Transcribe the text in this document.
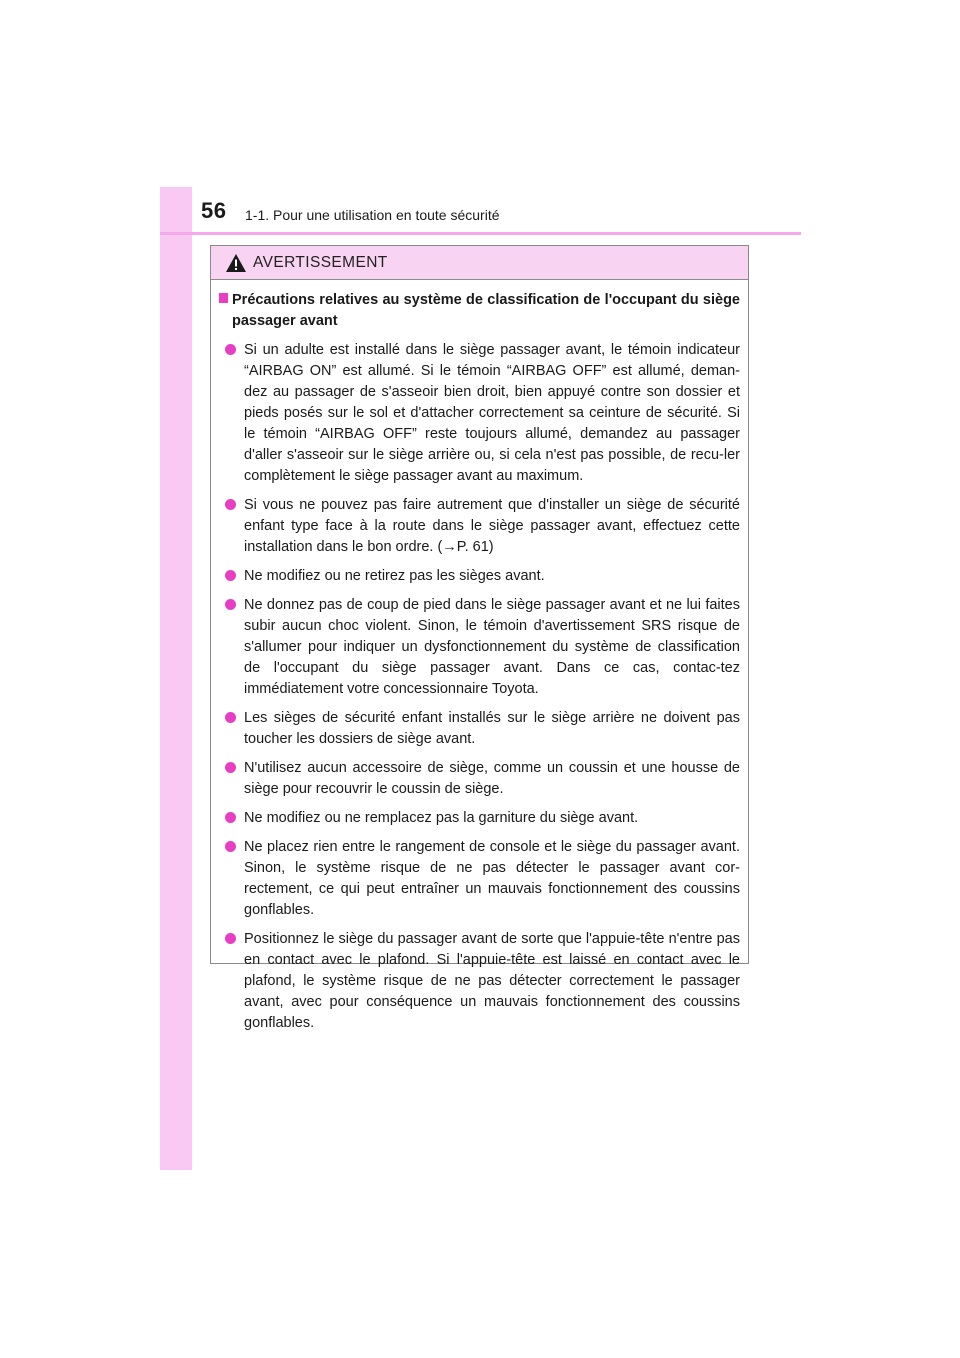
56 1-1. Pour une utilisation en toute sécurité
AVERTISSEMENT
Précautions relatives au système de classification de l'occupant du siège passager avant
Si un adulte est installé dans le siège passager avant, le témoin indicateur “AIRBAG ON” est allumé. Si le témoin “AIRBAG OFF” est allumé, deman-dez au passager de s'asseoir bien droit, bien appuyé contre son dossier et pieds posés sur le sol et d'attacher correctement sa ceinture de sécurité. Si le témoin “AIRBAG OFF” reste toujours allumé, demandez au passager d'aller s'asseoir sur le siège arrière ou, si cela n'est pas possible, de recu-ler complètement le siège passager avant au maximum.
Si vous ne pouvez pas faire autrement que d'installer un siège de sécurité enfant type face à la route dans le siège passager avant, effectuez cette installation dans le bon ordre. (→P. 61)
Ne modifiez ou ne retirez pas les sièges avant.
Ne donnez pas de coup de pied dans le siège passager avant et ne lui faites subir aucun choc violent. Sinon, le témoin d'avertissement SRS risque de s'allumer pour indiquer un dysfonctionnement du système de classification de l'occupant du siège passager avant. Dans ce cas, contac-tez immédiatement votre concessionnaire Toyota.
Les sièges de sécurité enfant installés sur le siège arrière ne doivent pas toucher les dossiers de siège avant.
N'utilisez aucun accessoire de siège, comme un coussin et une housse de siège pour recouvrir le coussin de siège.
Ne modifiez ou ne remplacez pas la garniture du siège avant.
Ne placez rien entre le rangement de console et le siège du passager avant. Sinon, le système risque de ne pas détecter le passager avant cor-rectement, ce qui peut entraîner un mauvais fonctionnement des coussins gonflables.
Positionnez le siège du passager avant de sorte que l'appuie-tête n'entre pas en contact avec le plafond. Si l'appuie-tête est laissé en contact avec le plafond, le système risque de ne pas détecter correctement le passager avant, avec pour conséquence un mauvais fonctionnement des coussins gonflables.
